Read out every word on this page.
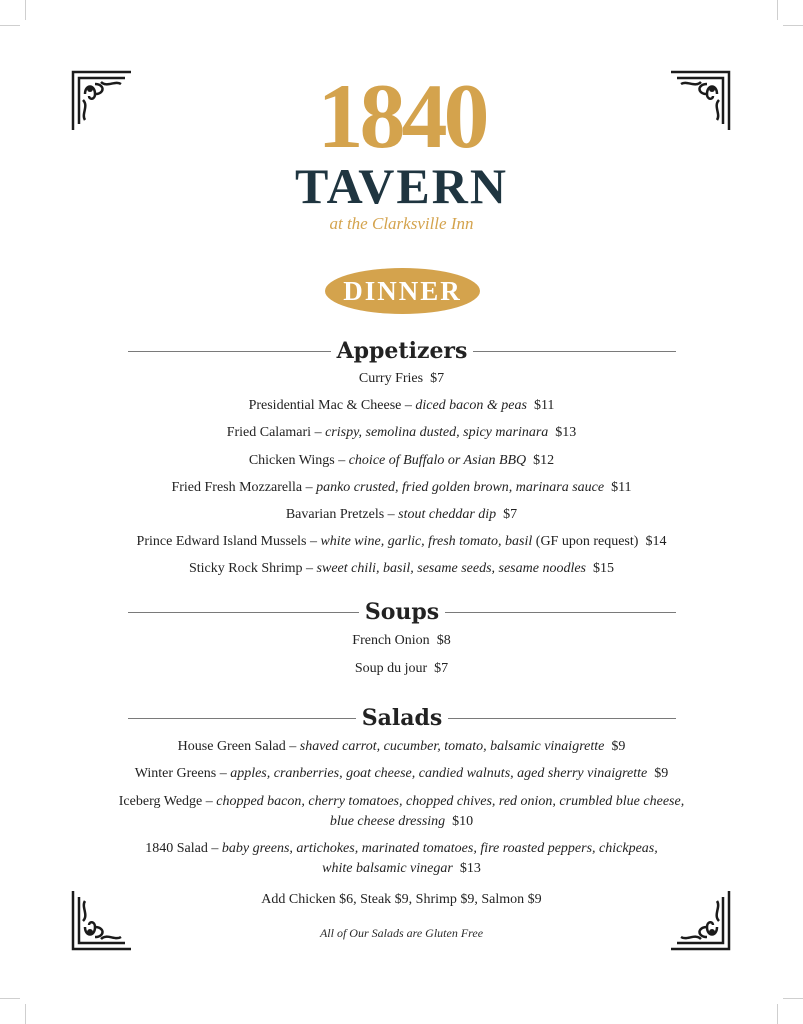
1840
TAVERN
at the Clarksville Inn
DINNER
Appetizers
Curry Fries $7
Presidential Mac & Cheese – diced bacon & peas $11
Fried Calamari – crispy, semolina dusted, spicy marinara $13
Chicken Wings – choice of Buffalo or Asian BBQ $12
Fried Fresh Mozzarella – panko crusted, fried golden brown, marinara sauce $11
Bavarian Pretzels – stout cheddar dip $7
Prince Edward Island Mussels – white wine, garlic, fresh tomato, basil (GF upon request) $14
Sticky Rock Shrimp – sweet chili, basil, sesame seeds, sesame noodles $15
Soups
French Onion $8
Soup du jour $7
Salads
House Green Salad – shaved carrot, cucumber, tomato, balsamic vinaigrette $9
Winter Greens – apples, cranberries, goat cheese, candied walnuts, aged sherry vinaigrette $9
Iceberg Wedge – chopped bacon, cherry tomatoes, chopped chives, red onion, crumbled blue cheese,
blue cheese dressing $10
1840 Salad – baby greens, artichokes, marinated tomatoes, fire roasted peppers, chickpeas,
white balsamic vinegar $13
Add Chicken $6, Steak $9, Shrimp $9, Salmon $9
All of Our Salads are Gluten Free
